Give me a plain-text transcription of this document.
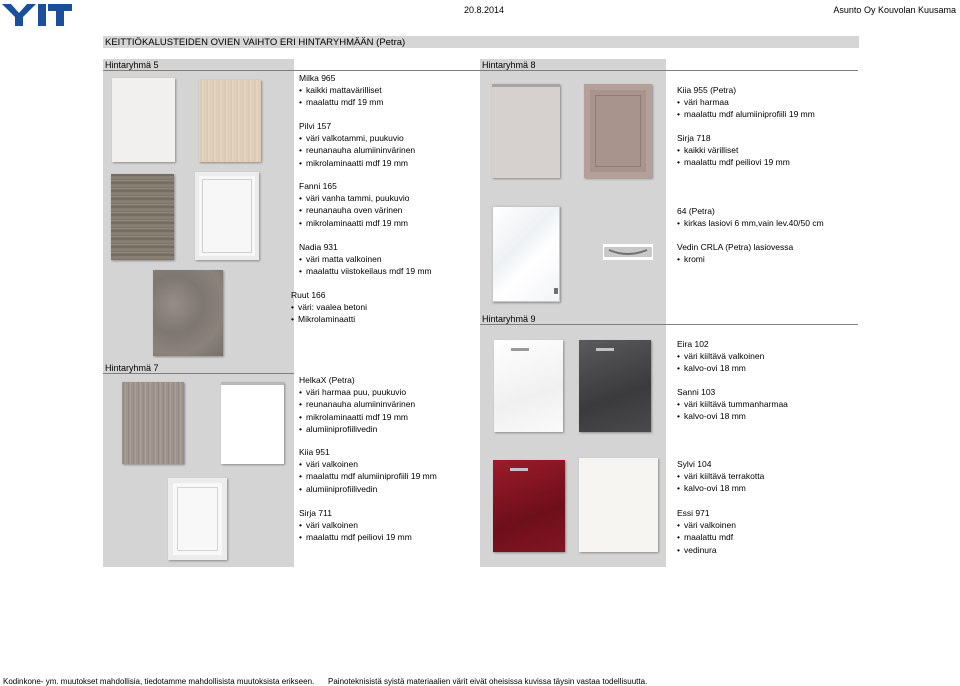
20.8.2014	Asunto Oy Kouvolan Kuusama
KEITTIÖKALUSTEIDEN OVIEN VAIHTO ERI HINTARYHMÄÄN (Petra)
Hintaryhmä 5	Hintaryhmä 8
Hintaryhmä 7
Hintaryhmä 9
Milka 965
• kaikki mattavärilliset
• maalattu mdf 19 mm
Pilvi 157
• väri valkotammi, puukuvio
• reunanauha alumiininvärinen
• mikrolaminaatti mdf 19 mm
Fanni 165
• väri vanha tammi, puukuvio
• reunanauha oven värinen
• mikrolaminaatti mdf 19 mm
Nadia 931
• väri matta valkoinen
• maalattu viistokeilaus mdf 19 mm
Ruut 166
• väri: vaalea betoni
• Mikrolaminaatti
HelkaX (Petra)
• väri harmaa puu, puukuvio
• reunanauha alumiininvärinen
• mikrolaminaatti mdf 19 mm
• alumiiniprofiilivedin
Kiia 951
• väri valkoinen
• maalattu mdf alumiiniprofiili 19 mm
• alumiiniprofiilivedin
Sirja 711
• väri valkoinen
• maalattu mdf peiliovi 19 mm
Kiia 955 (Petra)
• väri harmaa
• maalattu mdf alumiiniprofiili 19 mm
Sirja 718
• kaikki värilliset
• maalattu mdf peiliovi 19 mm
64 (Petra)
• kirkas lasiovi 6 mm,vain lev.40/50 cm
Vedin CRLA (Petra) lasiovessa
• kromi
Eira 102
• väri kiiltävä valkoinen
• kalvo-ovi 18 mm
Sanni 103
• väri kiiltävä tummanharmaa
• kalvo-ovi 18 mm
Sylvi 104
• väri kiiltävä terrakotta
• kalvo-ovi 18 mm
Essi 971
• väri valkoinen
• maalattu mdf
• vedinura
Kodinkone- ym. muutokset mahdollisia, tiedotamme mahdollisista muutoksista erikseen. Painoteknisistä syistä materiaalien värit eivät oheisissa kuvissa täysin vastaa todellisuutta.
